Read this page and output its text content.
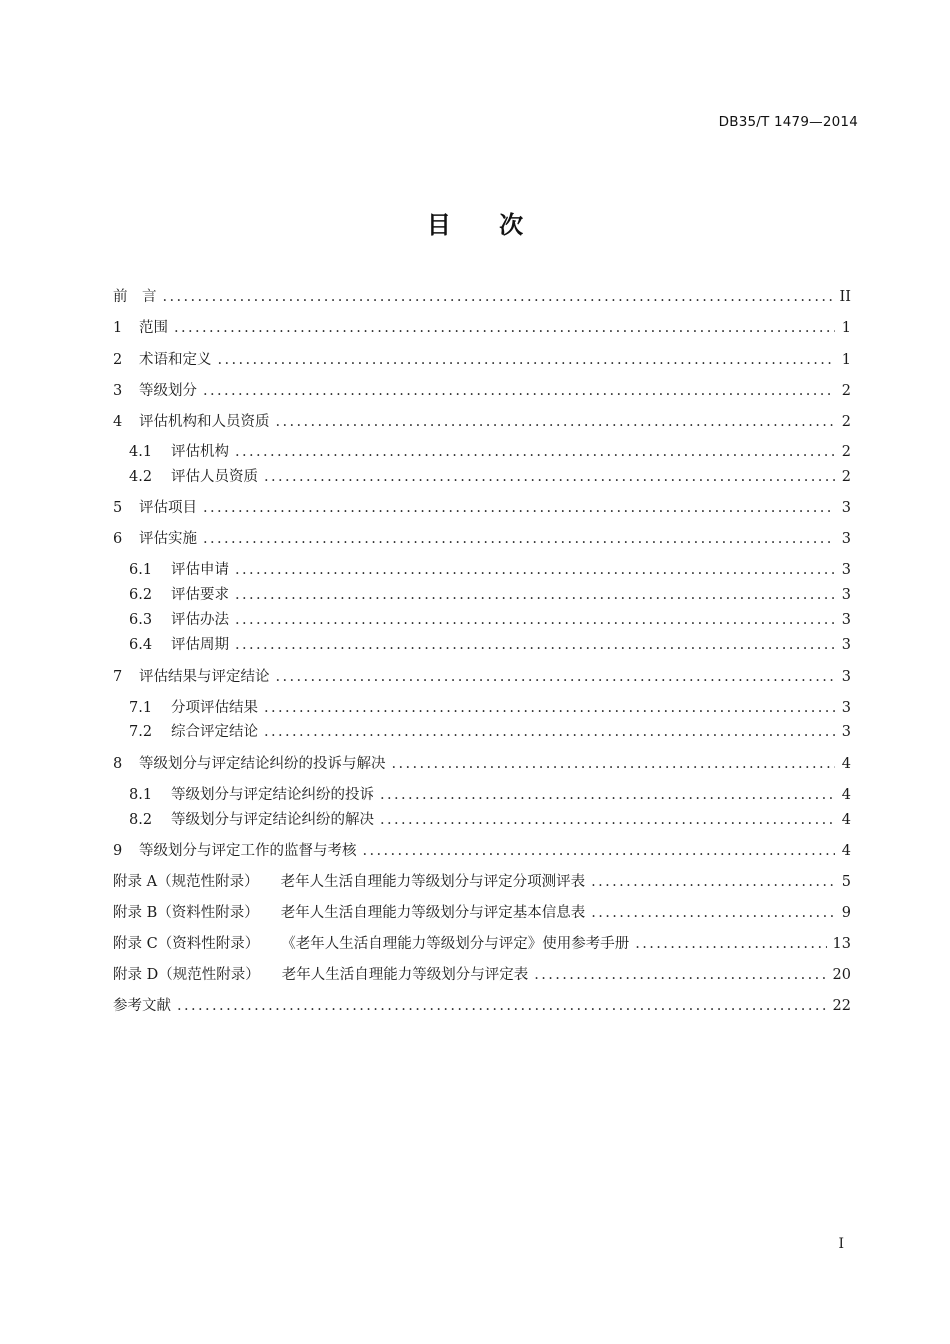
DB35/T 1479—2014
目 次
前　言 .....	II
1	范围 .....	1
2	术语和定义 .....	1
3	等级划分 .....	2
4	评估机构和人员资质 .....	2
4.1	评估机构 .....	2
4.2	评估人员资质 .....	2
5	评估项目 .....	3
6	评估实施 .....	3
6.1	评估申请 .....	3
6.2	评估要求 .....	3
6.3	评估办法 .....	3
6.4	评估周期 .....	3
7	评估结果与评定结论 .....	3
7.1	分项评估结果 .....	3
7.2	综合评定结论 .....	3
8	等级划分与评定结论纠纷的投诉与解决 .....	4
8.1	等级划分与评定结论纠纷的投诉 .....	4
8.2	等级划分与评定结论纠纷的解决 .....	4
9	等级划分与评定工作的监督与考核 .....	4
附录 A（规范性附录） 老年人生活自理能力等级划分与评定分项测评表 .....	5
附录 B（资料性附录） 老年人生活自理能力等级划分与评定基本信息表 .....	9
附录 C（资料性附录） 《老年人生活自理能力等级划分与评定》使用参考手册 .....	13
附录 D（规范性附录） 老年人生活自理能力等级划分与评定表 .....	20
参考文献 .....	22
I
